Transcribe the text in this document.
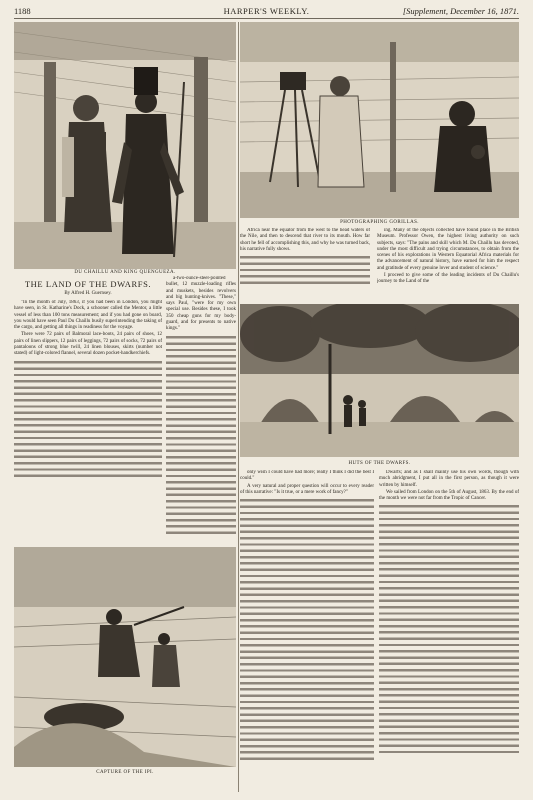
1188	HARPER'S WEEKLY.	[Supplement, December 16, 1871.
DU CHAILLU AND KING QUENGUEZA.
PHOTOGRAPHING GORILLAS.
THE LAND OF THE DWARFS.
By Alfred H. Guernsey.

"In the month of July, 1863, if you had been in London, you might have seen, in St. Katharine's Dock, a schooner called the Mentor, a little vessel of less than 100 tons measurement; and if you had gone on board, you would have seen Paul Du Chaillu busily superintending the taking of the cargo, and getting all things in readiness for the voyage.

There were 72 pairs of Balmoral lace-boots, 24 pairs of shoes, 12 pairs of linen slippers, 12 pairs of leggings, 72 pairs of socks, 72 pairs of pantaloons of strong blue twill, 24 linen blouses, skirts (number not stated) of light-colored flannel, several dozen pocket-handkerchiefs.

a-two-ounce-steel-pointed bullet, 12 muzzle-loading rifles and muskets, besides revolvers and big hunting-knives. "These," says Paul, "were for my own special use. Besides these, I took 350 cheap guns for my body-guard, and for presents to native kings."

Africa near the equator from the west to the head waters of the Nile, and then to descend that river to its mouth. How far short he fell of accomplishing this, and why he was turned back, his narrative fully shows.

ing. Many of the objects collected have found place in the British Museum. Professor Owen, the highest living authority on such subjects, says: "The pains and skill which M. Du Chaillu has devoted, under the most difficult and trying circumstances, to obtain from the scenes of his explorations in Western Equatorial Africa materials for the advancement of natural history, have earned for him the respect and gratitude of every genuine lover and student of science."

I proceed to give some of the leading incidents of Du Chaillu's journey to the Land of the

HUTS OF THE DWARFS.

only wish I could have had more; really I think I did the best I could."

A very natural and proper question will occur to every reader of this narrative: "Is it true, or a mere work of fancy?"

Dwarfs; and as I shall mainly use his own words, though with much abridgment, I put all in the first person, as though it were written by himself.

We sailed from London on the 5th of August, 1863. By the end of the month we were not far from the Tropic of Cancer.

CAPTURE OF THE IPI.
